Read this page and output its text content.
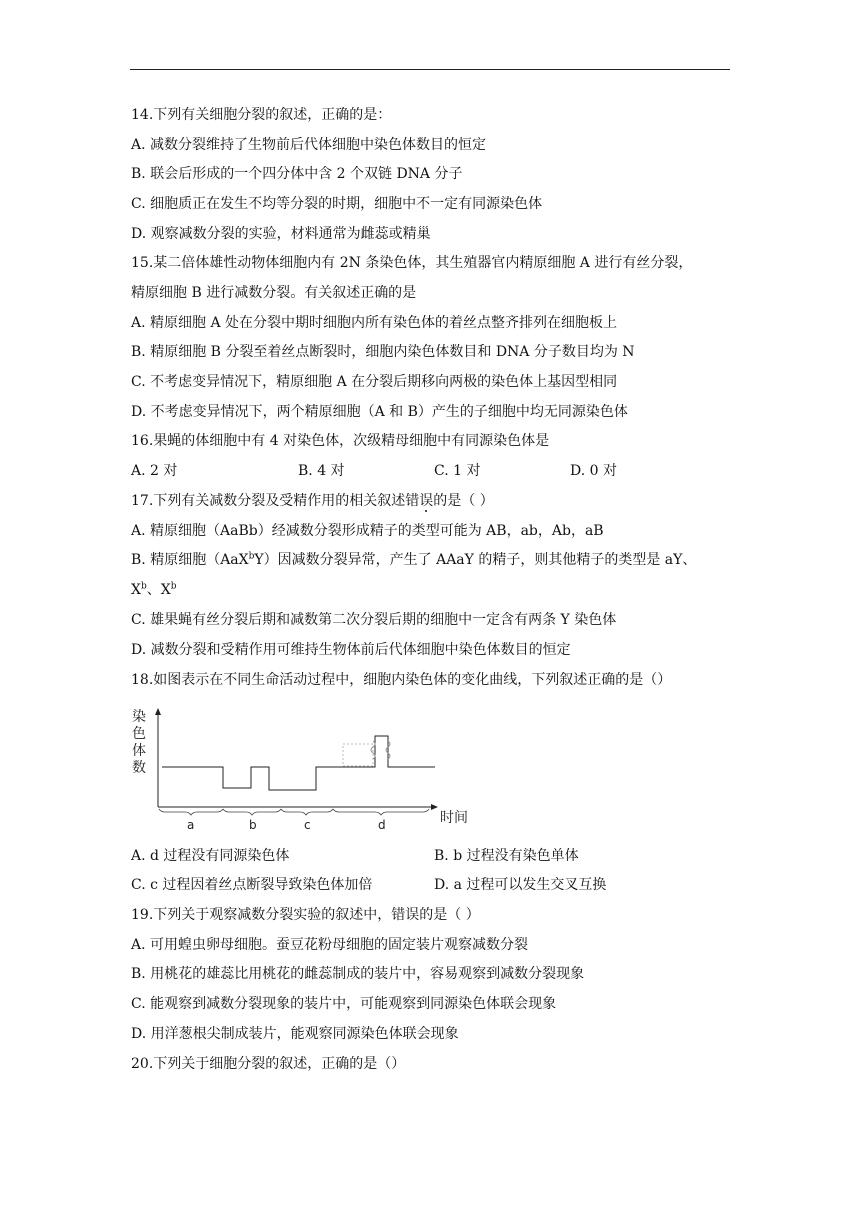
14.下列有关细胞分裂的叙述，正确的是：
A. 减数分裂维持了生物前后代体细胞中染色体数目的恒定
B. 联会后形成的一个四分体中含 2 个双链 DNA 分子
C. 细胞质正在发生不均等分裂的时期，细胞中不一定有同源染色体
D. 观察减数分裂的实验，材料通常为雌蕊或精巢
15.某二倍体雄性动物体细胞内有 2N 条染色体，其生殖器官内精原细胞 A 进行有丝分裂，
精原细胞 B 进行减数分裂。有关叙述正确的是
A. 精原细胞 A 处在分裂中期时细胞内所有染色体的着丝点整齐排列在细胞板上
B. 精原细胞 B 分裂至着丝点断裂时，细胞内染色体数目和 DNA 分子数目均为 N
C. 不考虑变异情况下，精原细胞 A 在分裂后期移向两极的染色体上基因型相同
D. 不考虑变异情况下，两个精原细胞（A 和 B）产生的子细胞中均无同源染色体
16.果蝇的体细胞中有 4 对染色体，次级精母细胞中有同源染色体是
A. 2 对	B. 4 对	C. 1 对	D. 0 对
17.下列有关减数分裂及受精作用的相关叙述错误的是（ ）
A. 精原细胞（AaBb）经减数分裂形成精子的类型可能为 AB，ab，Ab，aB
B. 精原细胞（AaX$^b$Y）因减数分裂异常，产生了 AAaY 的精子，则其他精子的类型是 aY、
$X^b$、$X^b$
C. 雄果蝇有丝分裂后期和减数第二次分裂后期的细胞中一定含有两条 Y 染色体
D. 减数分裂和受精作用可维持生物体前后代体细胞中染色体数目的恒定
18.如图表示在不同生命活动过程中，细胞内染色体的变化曲线，下列叙述正确的是（）
染
色
体
数
时间
a	b	c	d
A. d 过程没有同源染色体	B. b 过程没有染色单体
C. c 过程因着丝点断裂导致染色体加倍	D. a 过程可以发生交叉互换
19.下列关于观察减数分裂实验的叙述中，错误的是（ ）
A. 可用蝗虫卵母细胞。蚕豆花粉母细胞的固定装片观察减数分裂
B. 用桃花的雄蕊比用桃花的雌蕊制成的装片中，容易观察到减数分裂现象
C. 能观察到减数分裂现象的装片中，可能观察到同源染色体联会现象
D. 用洋葱根尖制成装片，能观察同源染色体联会现象
20.下列关于细胞分裂的叙述，正确的是（）
